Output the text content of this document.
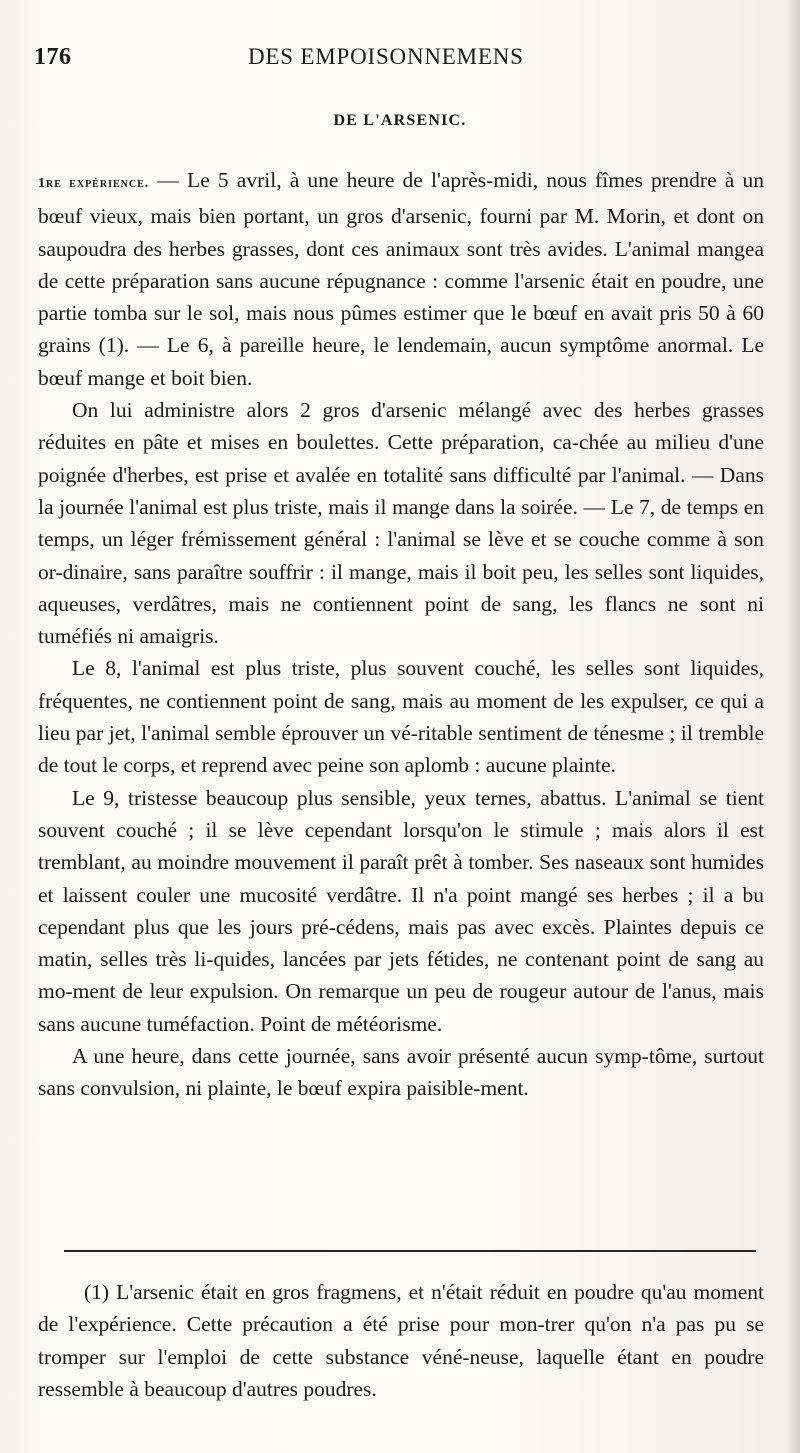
176	DES EMPOISONNEMENS
DE L'ARSENIC.

1re expérience. — Le 5 avril, à une heure de l'après-midi, nous fîmes prendre à un bœuf vieux, mais bien portant, un gros d'arsenic, fourni par M. Morin, et dont on saupoudra des herbes grasses, dont ces animaux sont très avides. L'animal mangea de cette préparation sans aucune répugnance : comme l'arsenic était en poudre, une partie tomba sur le sol, mais nous pûmes estimer que le bœuf en avait pris 50 à 60 grains (1). — Le 6, à pareille heure, le lendemain, aucun symptôme anormal. Le bœuf mange et boit bien.

On lui administre alors 2 gros d'arsenic mélangé avec des herbes grasses réduites en pâte et mises en boulettes. Cette préparation, ca-chée au milieu d'une poignée d'herbes, est prise et avalée en totalité sans difficulté par l'animal. — Dans la journée l'animal est plus triste, mais il mange dans la soirée. — Le 7, de temps en temps, un léger frémissement général : l'animal se lève et se couche comme à son or-dinaire, sans paraître souffrir : il mange, mais il boit peu, les selles sont liquides, aqueuses, verdâtres, mais ne contiennent point de sang, les flancs ne sont ni tuméfiés ni amaigris.

Le 8, l'animal est plus triste, plus souvent couché, les selles sont liquides, fréquentes, ne contiennent point de sang, mais au moment de les expulser, ce qui a lieu par jet, l'animal semble éprouver un vé-ritable sentiment de ténesme ; il tremble de tout le corps, et reprend avec peine son aplomb : aucune plainte.

Le 9, tristesse beaucoup plus sensible, yeux ternes, abattus. L'animal se tient souvent couché ; il se lève cependant lorsqu'on le stimule ; mais alors il est tremblant, au moindre mouvement il paraît prêt à tomber. Ses naseaux sont humides et laissent couler une mucosité verdâtre. Il n'a point mangé ses herbes ; il a bu cependant plus que les jours pré-cédens, mais pas avec excès. Plaintes depuis ce matin, selles très li-quides, lancées par jets fétides, ne contenant point de sang au mo-ment de leur expulsion. On remarque un peu de rougeur autour de l'anus, mais sans aucune tuméfaction. Point de météorisme.

A une heure, dans cette journée, sans avoir présenté aucun symp-tôme, surtout sans convulsion, ni plainte, le bœuf expira paisible-ment.

(1) L'arsenic était en gros fragmens, et n'était réduit en poudre qu'au moment de l'expérience. Cette précaution a été prise pour mon-trer qu'on n'a pas pu se tromper sur l'emploi de cette substance véné-neuse, laquelle étant en poudre ressemble à beaucoup d'autres poudres.
